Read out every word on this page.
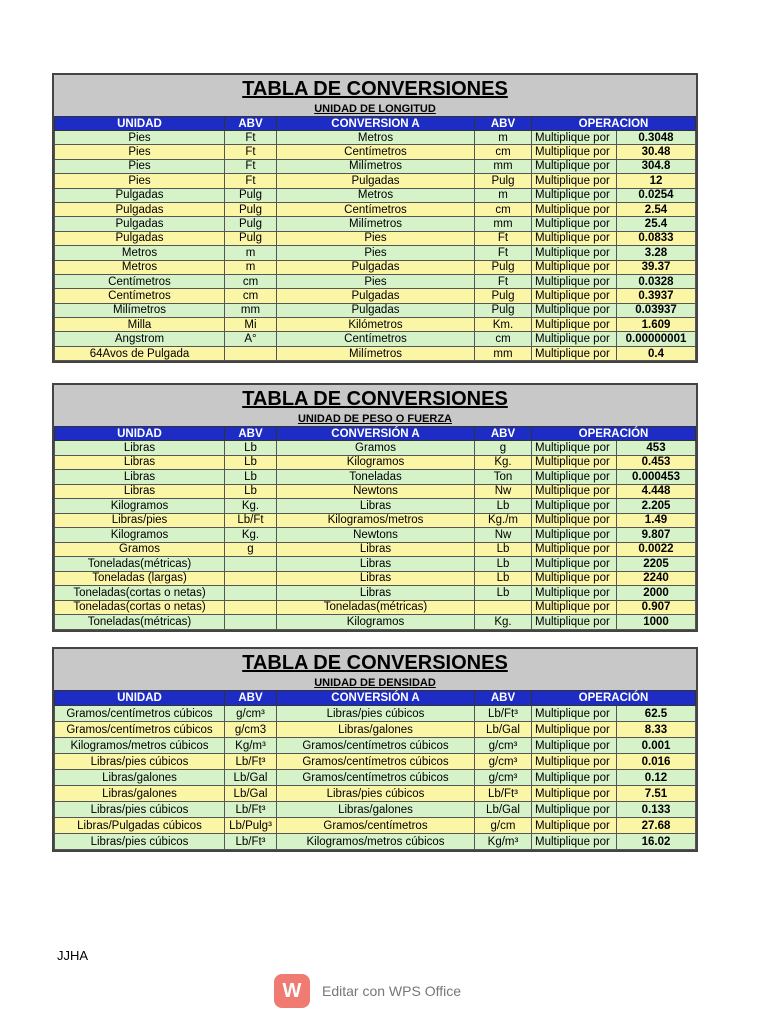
TABLA DE CONVERSIONES
UNIDAD DE LONGITUD
UNIDAD	ABV	CONVERSION A	ABV	OPERACION	
Pies	Ft	Metros	m	Multiplique por	0.3048
Pies	Ft	Centímetros	cm	Multiplique por	30.48
Pies	Ft	Milímetros	mm	Multiplique por	304.8
Pies	Ft	Pulgadas	Pulg	Multiplique por	12
Pulgadas	Pulg	Metros	m	Multiplique por	0.0254
Pulgadas	Pulg	Centímetros	cm	Multiplique por	2.54
Pulgadas	Pulg	Milímetros	mm	Multiplique por	25.4
Pulgadas	Pulg	Pies	Ft	Multiplique por	0.0833
Metros	m	Pies	Ft	Multiplique por	3.28
Metros	m	Pulgadas	Pulg	Multiplique por	39.37
Centímetros	cm	Pies	Ft	Multiplique por	0.0328
Centímetros	cm	Pulgadas	Pulg	Multiplique por	0.3937
Milímetros	mm	Pulgadas	Pulg	Multiplique por	0.03937
Milla	Mi	Kilómetros	Km.	Multiplique por	1.609
Angstrom	A°	Centímetros	cm	Multiplique por	0.00000001
64Avos de Pulgada		Milímetros	mm	Multiplique por	0.4
TABLA DE CONVERSIONES
UNIDAD DE PESO O FUERZA
UNIDAD	ABV	CONVERSIÓN A	ABV	OPERACIÓN	
Libras	Lb	Gramos	g	Multiplique por	453
Libras	Lb	Kilogramos	Kg.	Multiplique por	0.453
Libras	Lb	Toneladas	Ton	Multiplique por	0.000453
Libras	Lb	Newtons	Nw	Multiplique por	4.448
Kilogramos	Kg.	Libras	Lb	Multiplique por	2.205
Libras/pies	Lb/Ft	Kilogramos/metros	Kg./m	Multiplique por	1.49
Kilogramos	Kg.	Newtons	Nw	Multiplique por	9.807
Gramos	g	Libras	Lb	Multiplique por	0.0022
Toneladas(métricas)		Libras	Lb	Multiplique por	2205
Toneladas (largas)		Libras	Lb	Multiplique por	2240
Toneladas(cortas o netas)		Libras	Lb	Multiplique por	2000
Toneladas(cortas o netas)		Toneladas(métricas)		Multiplique por	0.907
Toneladas(métricas)		Kilogramos	Kg.	Multiplique por	1000
TABLA DE CONVERSIONES
UNIDAD DE DENSIDAD
UNIDAD	ABV	CONVERSIÓN A	ABV	OPERACIÓN	
Gramos/centímetros cúbicos	g/cm³	Libras/pies cúbicos	Lb/Ft³	Multiplique por	62.5
Gramos/centímetros cúbicos	g/cm3	Libras/galones	Lb/Gal	Multiplique por	8.33
Kilogramos/metros cúbicos	Kg/m³	Gramos/centímetros cúbicos	g/cm³	Multiplique por	0.001
Libras/pies cúbicos	Lb/Ft³	Gramos/centímetros cúbicos	g/cm³	Multiplique por	0.016
Libras/galones	Lb/Gal	Gramos/centímetros cúbicos	g/cm³	Multiplique por	0.12
Libras/galones	Lb/Gal	Libras/pies cúbicos	Lb/Ft³	Multiplique por	7.51
Libras/pies cúbicos	Lb/Ft³	Libras/galones	Lb/Gal	Multiplique por	0.133
Libras/Pulgadas cúbicos	Lb/Pulg³	Gramos/centímetros	g/cm	Multiplique por	27.68
Libras/pies cúbicos	Lb/Ft³	Kilogramos/metros cúbicos	Kg/m³	Multiplique por	16.02
JJHA
W	Editar con WPS Office
